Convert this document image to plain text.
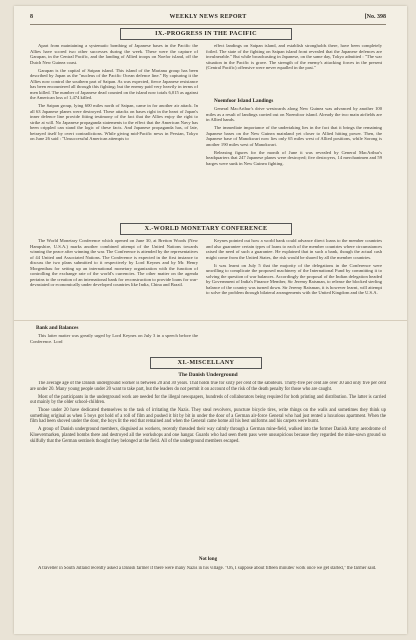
8	WEEKLY NEWS REPORT	[No. 398
IX.-PROGRESS IN THE PACIFIC

Apart from maintaining a systematic bombing of Japanese bases in the Pacific the Allies have scored two other successes during the week. These were the capture of Garapan, in the Central Pacific, and the landing of Allied troops on Noefor island, off the Dutch New Guinea coast.

Garapan is the capital of Saipan island. This island of the Mariana group has been described by Japan as the "nucleus of the Pacific Ocean defence line." By capturing it the Allies now control the southern part of Saipan. As was expected, fierce Japanese resistance has been encountered all through this fighting; but the enemy paid very heavily in terms of men killed. The number of Japanese dead counted on the island now totals 6,015 as against the American loss of 1,474 killed.

The Saipan group, lying 600 miles north of Saipan, came in for another air attack. In all 63 Japanese planes were destroyed. These attacks on bases right in the heart of Japan's inner defence line provide fitting testimony of the fact that the Allies enjoy the right to strike at will. No Japanese propaganda statements to the effect that the American Navy has been crippled can stand the logic of these facts. And Japanese propaganda has, of late, betrayed itself by overt contradictions. While giving mid-Pacific news in Persian, Tokyo on June 26 said : "Unsuccessful American attempts to

effect landings on Saipan island, and establish strongholds there, have been completely foiled. The state of the fighting on Saipan island front revealed that the Japanese defences are invulnerable." But while broadcasting in Japanese, on the same day, Tokyo admitted : "The war situation in the Pacific is grave. The strength of the enemy's attacking forces in the present (Central Pacific) offensive were never equalled in the past."

Noemfoor Island Landings

General MacArthur's drive westwards along New Guinea was advanced by another 100 miles as a result of landings carried out on Noemfoor island. Already the two main airfields are in Allied hands.

The immediate importance of the undertaking lies in the fact that it brings the remaining Japanese bases on the New Guinea mainland yet closer to Allied hitting power. Then, the Japanese base of Manokwari now lies only 65 miles west of Allied positions, while Sorong is another 190 miles west of Manokwari.

Releasing figures for the month of June it was revealed by General MacArthur's headquarters that 247 Japanese planes were destroyed; five destroyers, 14 merchantmen and 59 barges were sunk in New Guinea fighting.

X.-WORLD MONETARY CONFERENCE

The World Monetary Conference which opened on June 30, at Bretton Woods (New Hampshire, U.S.A.) marks another combined attempt of the United Nations towards winning the peace after winning the war. The Conference is attended by the representatives of 44 United and Associated Nations. The Conference is expected in the first instance to discuss the two plans submitted to it respectively by Lord Keynes and by Mr. Henry Morgenthau for setting up an international monetary organization with the function of controlling the exchange rate of the world's currencies. The other matter on the agenda pertains to the creation of an international bank for reconstruction to provide loans for war-devastated or economically under developed countries like India, China and Brazil.

Bank and Balances

This latter matter was greatly urged by Lord Keynes on July 3 in a speech before the Conference. Lord

Keynes pointed out how a world bank could advance direct loans to the member countries and also guarantee certain types of loans to each of the member countries where circumstances raised the need of such a guarantee. He explained that in such a bank, though the actual cash might come from the United States, the risk would be shared by all the member countries.

It was learnt on July 5 that the majority of the delegations in the Conference were unwilling to complicate the proposed machinery of the International Fund by committing it to solving the question of war balances. Accordingly the proposal of the Indian delegation headed by Government of India's Finance Member, Sir Jeremy Raisman, to release the blocked sterling balance of the country was turned down. Sir Jeremy Raisman, it is however learnt, will attempt to solve the problem through bilateral arrangements with the United Kingdom and the U.S.A.

XI.-MISCELLANY
The Danish Underground

The average age of the Danish underground worker is between 20 and 30 years. That holds true for sixty per cent of the saboteurs. Thirty-five per cent are over 30 and only five per cent are under 20. Many young people under 20 want to take part, but the leaders do not permit it on account of the risk of the death penalty for those who are caught.

Most of the participants in the underground work are needed for the illegal newspapers, hundreds of collaborators being required for both printing and distribution. The latter is carried out mainly by the older school-children.

Those under 20 have dedicated themselves to the task of irritating the Nazis. They steal revolvers, puncture bicycle tires, write things on the walls and sometimes they think up something original as when 5 boys got hold of a roll of film and pushed it bit by bit in under the door of a German air-force General who had just rented a luxurious apartment. When the film had been shoved under the door, the boys lit the end that remained and when the General came home all his best uniforms and his carpets were burnt.

A group of Danish underground members, disguised as workers, recently threaded their way calmly through a German mine-field, walked into the former Danish Army aerodrome of Kloevermarken, planted bombs there and destroyed all the workshops and one hangar. Guards who had seen them pass were unsuspicious because they regarded the mine-sown ground so skilfully that the German sentinels thought they belonged at the field. All of the underground members escaped.

Not long

A traveller in South Jutland recently asked a Danish farmer if there were many Nazis in his village. "Oh, I suppose about fifteen minutes' work once we get started," the farmer said.
